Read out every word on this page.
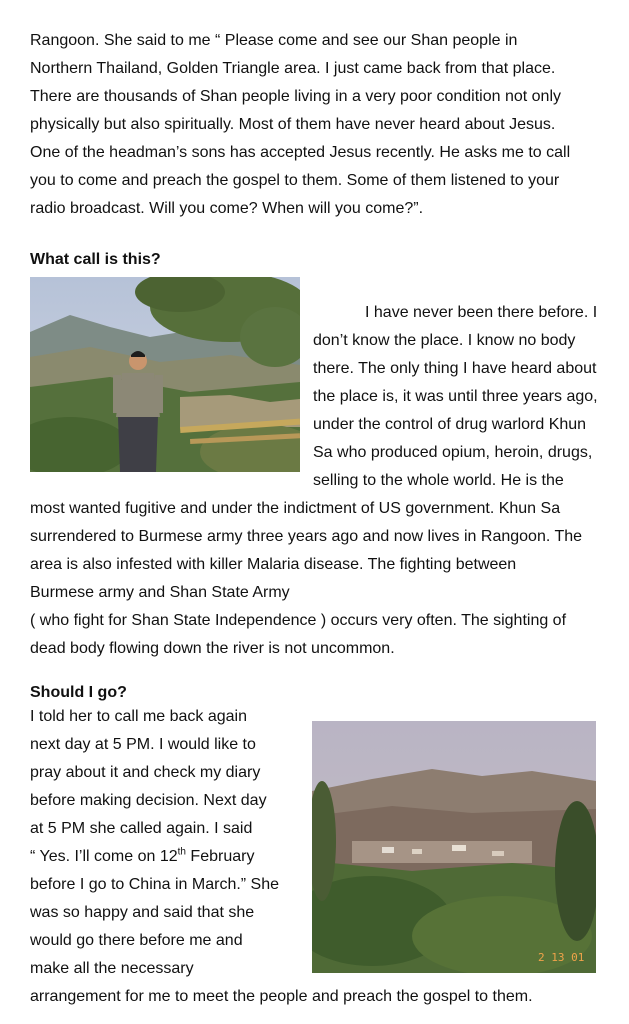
Rangoon. She said to me “ Please come and see our Shan people in
Northern Thailand, Golden Triangle area. I just came back from that place.
There are thousands of Shan people living in a very poor condition not only
physically but also spiritually. Most of them have never heard about Jesus.
One of the headman’s sons has accepted Jesus recently. He asks me to call
you to come and preach the gospel to them. Some of them listened to your
radio broadcast. Will you come? When will you come?”.
What call is this?
I have never been there before. I
don’t know the place. I know no body
there. The only thing I have heard about
the place is, it was until three years ago,
under the control of drug warlord Khun
Sa who produced opium, heroin, drugs,
selling to the whole world. He is the
most wanted fugitive and under the indictment of US government. Khun Sa
surrendered to Burmese army three years ago and now lives in Rangoon. The
area is also infested with killer Malaria disease. The fighting between
Burmese army and Shan State Army
( who fight for Shan State Independence ) occurs very often. The sighting of
dead body flowing down the river is not uncommon.
Should I go?
I told her to call me back again
next day at 5 PM. I would like to
pray about it and check my diary
before making decision. Next day
at 5 PM she called again. I said
“ Yes. I’ll come on 12th February
before I go to China in March.” She
was so happy and said that she
would go there before me and
make all the necessary
arrangement for me to meet the people and preach the gospel to them.
2 13 01
